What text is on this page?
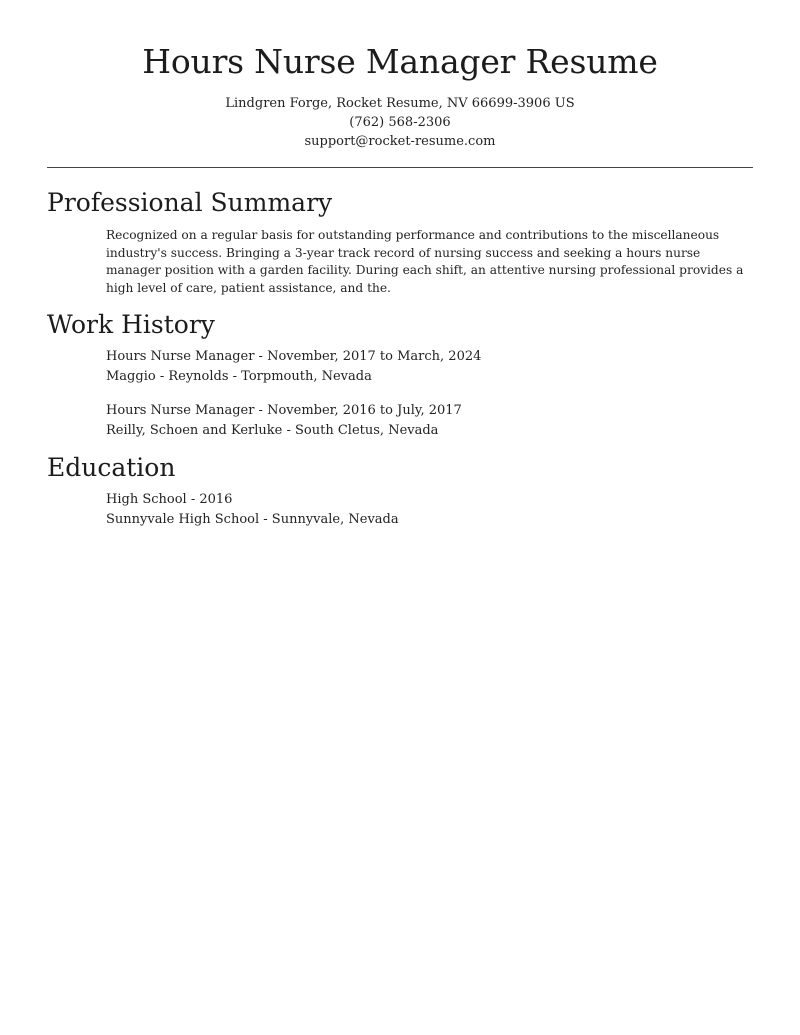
Hours Nurse Manager Resume
Lindgren Forge, Rocket Resume, NV 66699-3906 US
(762) 568-2306
support@rocket-resume.com
Professional Summary
Recognized on a regular basis for outstanding performance and contributions to the miscellaneous industry's success. Bringing a 3-year track record of nursing success and seeking a hours nurse manager position with a garden facility. During each shift, an attentive nursing professional provides a high level of care, patient assistance, and the.
Work History
Hours Nurse Manager - November, 2017 to March, 2024
Maggio - Reynolds - Torpmouth, Nevada
Hours Nurse Manager - November, 2016 to July, 2017
Reilly, Schoen and Kerluke - South Cletus, Nevada
Education
High School - 2016
Sunnyvale High School - Sunnyvale, Nevada
